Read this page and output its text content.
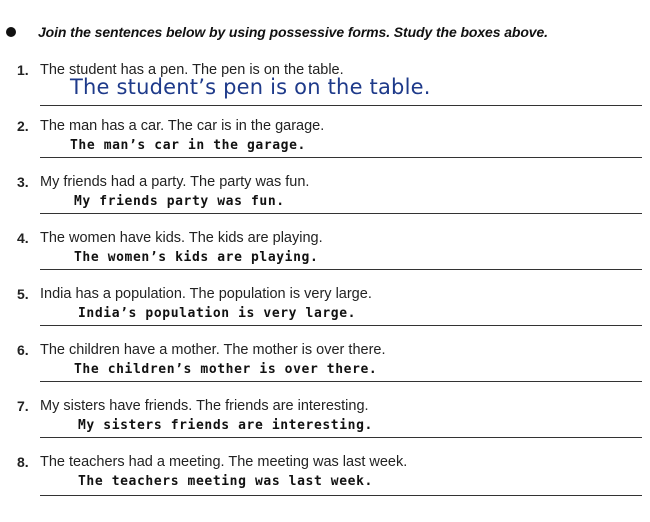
Join the sentences below by using possessive forms. Study the boxes above.
1. The student has a pen. The pen is on the table.
The student’s pen is on the table.
2. The man has a car. The car is in the garage.
The man’s car in the garage.
3. My friends had a party. The party was fun.
My friends party was fun.
4. The women have kids. The kids are playing.
The women’s kids are playing.
5. India has a population. The population is very large.
India’s population is very large.
6. The children have a mother. The mother is over there.
The children’s mother is over there.
7. My sisters have friends. The friends are interesting.
My sisters friends are interesting.
8. The teachers had a meeting. The meeting was last week.
The teachers meeting was last week.
